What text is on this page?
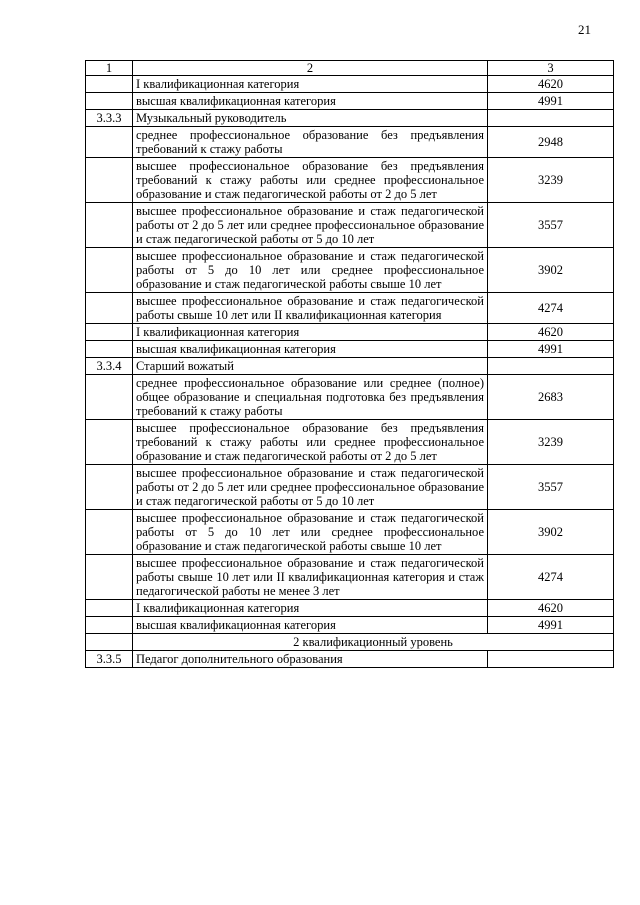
21
1	2	3
	I квалификационная категория	4620
	высшая квалификационная категория	4991
3.3.3	Музыкальный руководитель	
	среднее профессиональное образование без предъявления требований к стажу работы	2948
	высшее профессиональное образование без предъявления требований к стажу работы или среднее профессиональное образование и стаж педагогической работы от 2 до 5 лет	3239
	высшее профессиональное образование и стаж педагогической работы от 2 до 5 лет или среднее профессиональное образование и стаж педагогической работы от 5 до 10 лет	3557
	высшее профессиональное образование и стаж педагогической работы от 5 до 10 лет или среднее профессиональное образование и стаж педагогической работы свыше 10 лет	3902
	высшее профессиональное образование и стаж педагогической работы свыше 10 лет или II квалификационная категория	4274
	I квалификационная категория	4620
	высшая квалификационная категория	4991
3.3.4	Старший вожатый	
	среднее профессиональное образование или среднее (полное) общее образование и специальная подготовка без предъявления требований к стажу работы	2683
	высшее профессиональное образование без предъявления требований к стажу работы или среднее профессиональное образование и стаж педагогической работы от 2 до 5 лет	3239
	высшее профессиональное образование и стаж педагогической работы от 2 до 5 лет или среднее профессиональное образование и стаж педагогической работы от 5 до 10 лет	3557
	высшее профессиональное образование и стаж педагогической работы от 5 до 10 лет или среднее профессиональное образование и стаж педагогической работы свыше 10 лет	3902
	высшее профессиональное образование и стаж педагогической работы свыше 10 лет или II квалификационная категория и стаж педагогической работы не менее 3 лет	4274
	I квалификационная категория	4620
	высшая квалификационная категория	4991
	2 квалификационный уровень	
3.3.5	Педагог дополнительного образования	
